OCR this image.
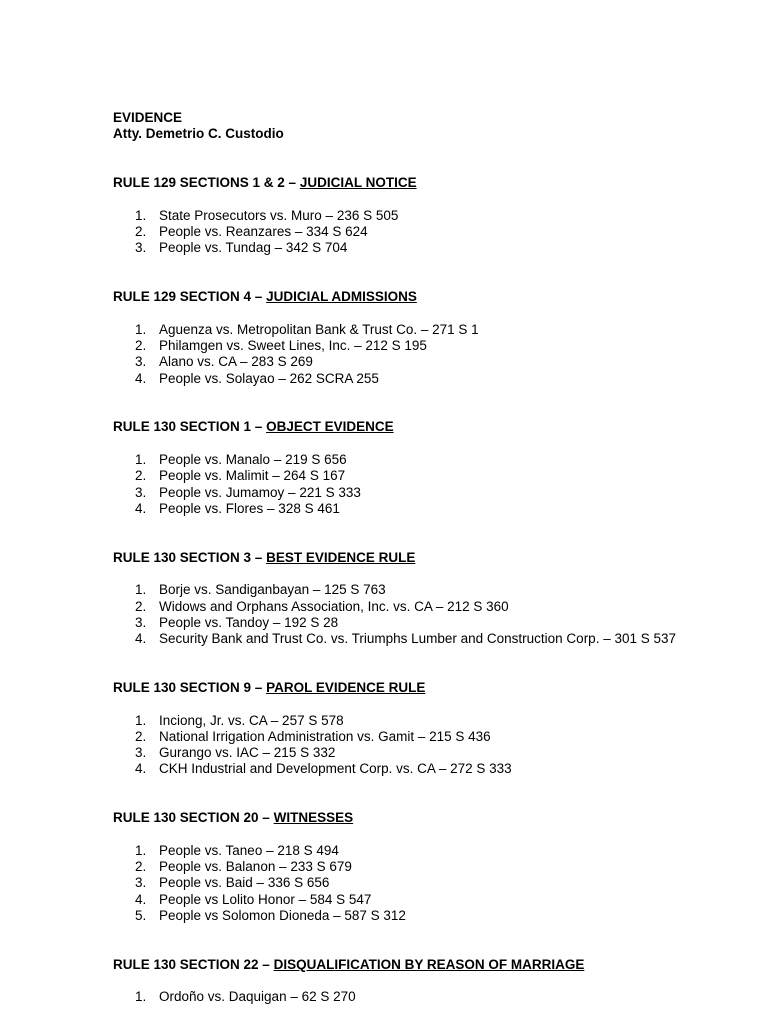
EVIDENCE

Atty. Demetrio C. Custodio

RULE 129 SECTIONS 1 & 2 – JUDICIAL NOTICE

1. State Prosecutors vs. Muro – 236 S 505
2. People vs. Reanzares – 334 S 624
3. People vs. Tundag – 342 S 704

RULE 129 SECTION 4 – JUDICIAL ADMISSIONS

1. Aguenza vs. Metropolitan Bank & Trust Co. – 271 S 1
2. Philamgen vs. Sweet Lines, Inc. – 212 S 195
3. Alano vs. CA – 283 S 269
4. People vs. Solayao – 262 SCRA 255

RULE 130 SECTION 1 – OBJECT EVIDENCE

1. People vs. Manalo – 219 S 656
2. People vs. Malimit – 264 S 167
3. People vs. Jumamoy – 221 S 333
4. People vs. Flores – 328 S 461

RULE 130 SECTION 3 – BEST EVIDENCE RULE

1. Borje vs. Sandiganbayan – 125 S 763
2. Widows and Orphans Association, Inc. vs. CA – 212 S 360
3. People vs. Tandoy – 192 S 28
4. Security Bank and Trust Co. vs. Triumphs Lumber and Construction Corp. – 301 S 537

RULE 130 SECTION 9 – PAROL EVIDENCE RULE

1. Inciong, Jr. vs. CA – 257 S 578
2. National Irrigation Administration vs. Gamit – 215 S 436
3. Gurango vs. IAC – 215 S 332
4. CKH Industrial and Development Corp. vs. CA – 272 S 333

RULE 130 SECTION 20 – WITNESSES

1. People vs. Taneo – 218 S 494
2. People vs. Balanon – 233 S 679
3. People vs. Baid – 336 S 656
4. People vs Lolito Honor – 584 S 547
5. People vs Solomon Dioneda – 587 S 312

RULE 130 SECTION 22 – DISQUALIFICATION BY REASON OF MARRIAGE

1. Ordoño vs. Daquigan – 62 S 270
